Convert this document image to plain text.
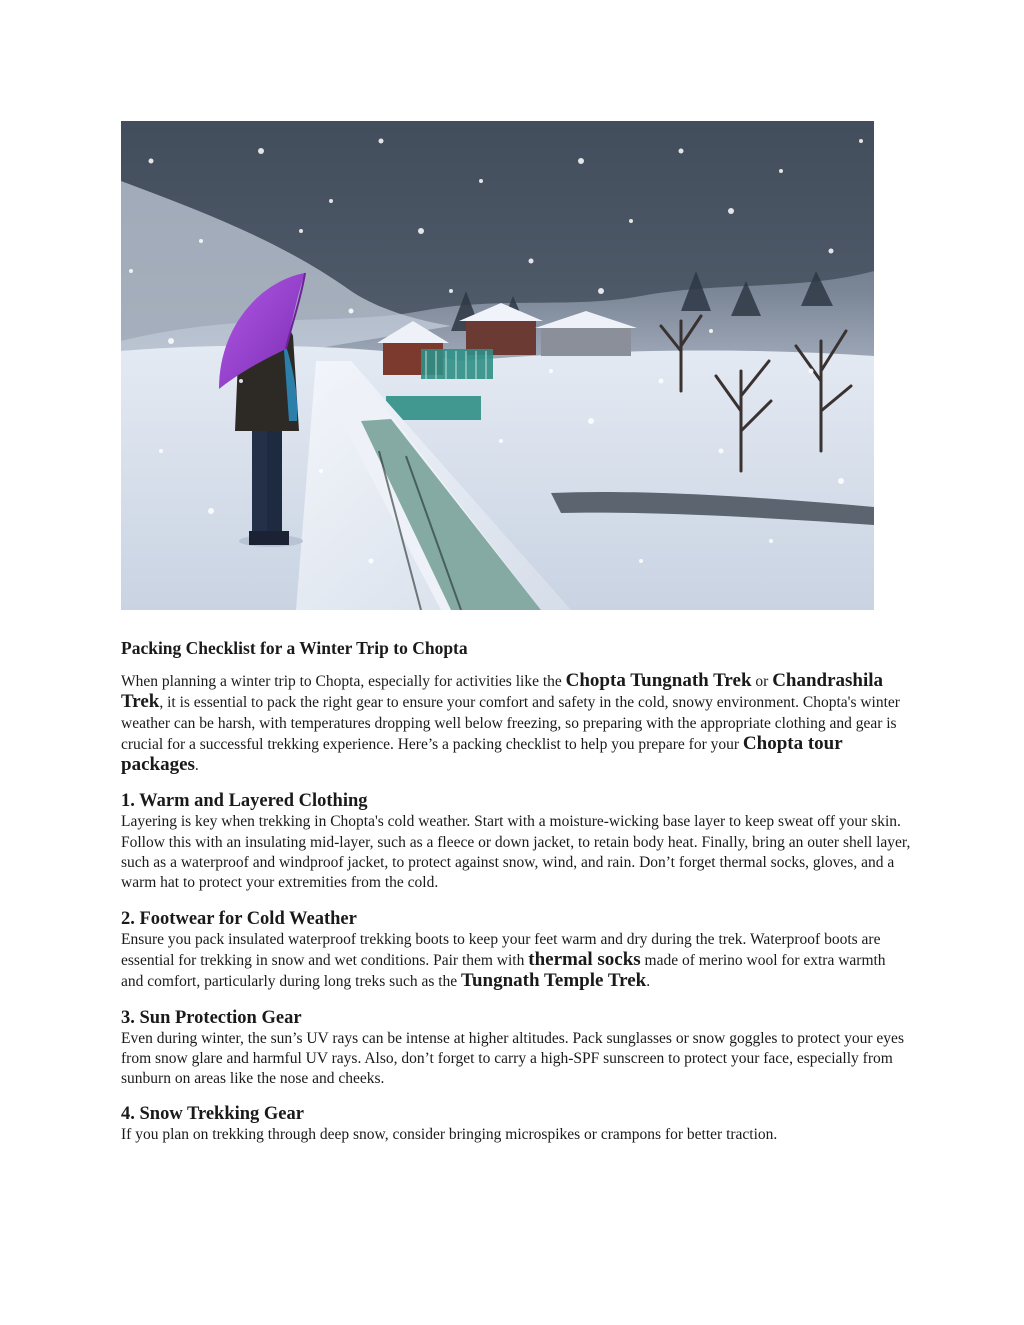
Packing Checklist for a Winter Trip to Chopta

When planning a winter trip to Chopta, especially for activities like the Chopta Tungnath Trek or Chandrashila Trek, it is essential to pack the right gear to ensure your comfort and safety in the cold, snowy environment. Chopta's winter weather can be harsh, with temperatures dropping well below freezing, so preparing with the appropriate clothing and gear is crucial for a successful trekking experience. Here’s a packing checklist to help you prepare for your Chopta tour packages.

1. Warm and Layered Clothing

Layering is key when trekking in Chopta's cold weather. Start with a moisture-wicking base layer to keep sweat off your skin. Follow this with an insulating mid-layer, such as a fleece or down jacket, to retain body heat. Finally, bring an outer shell layer, such as a waterproof and windproof jacket, to protect against snow, wind, and rain. Don’t forget thermal socks, gloves, and a warm hat to protect your extremities from the cold.

2. Footwear for Cold Weather

Ensure you pack insulated waterproof trekking boots to keep your feet warm and dry during the trek. Waterproof boots are essential for trekking in snow and wet conditions. Pair them with thermal socks made of merino wool for extra warmth and comfort, particularly during long treks such as the Tungnath Temple Trek.

3. Sun Protection Gear

Even during winter, the sun’s UV rays can be intense at higher altitudes. Pack sunglasses or snow goggles to protect your eyes from snow glare and harmful UV rays. Also, don’t forget to carry a high-SPF sunscreen to protect your face, especially from sunburn on areas like the nose and cheeks.

4. Snow Trekking Gear

If you plan on trekking through deep snow, consider bringing microspikes or crampons for better traction.
